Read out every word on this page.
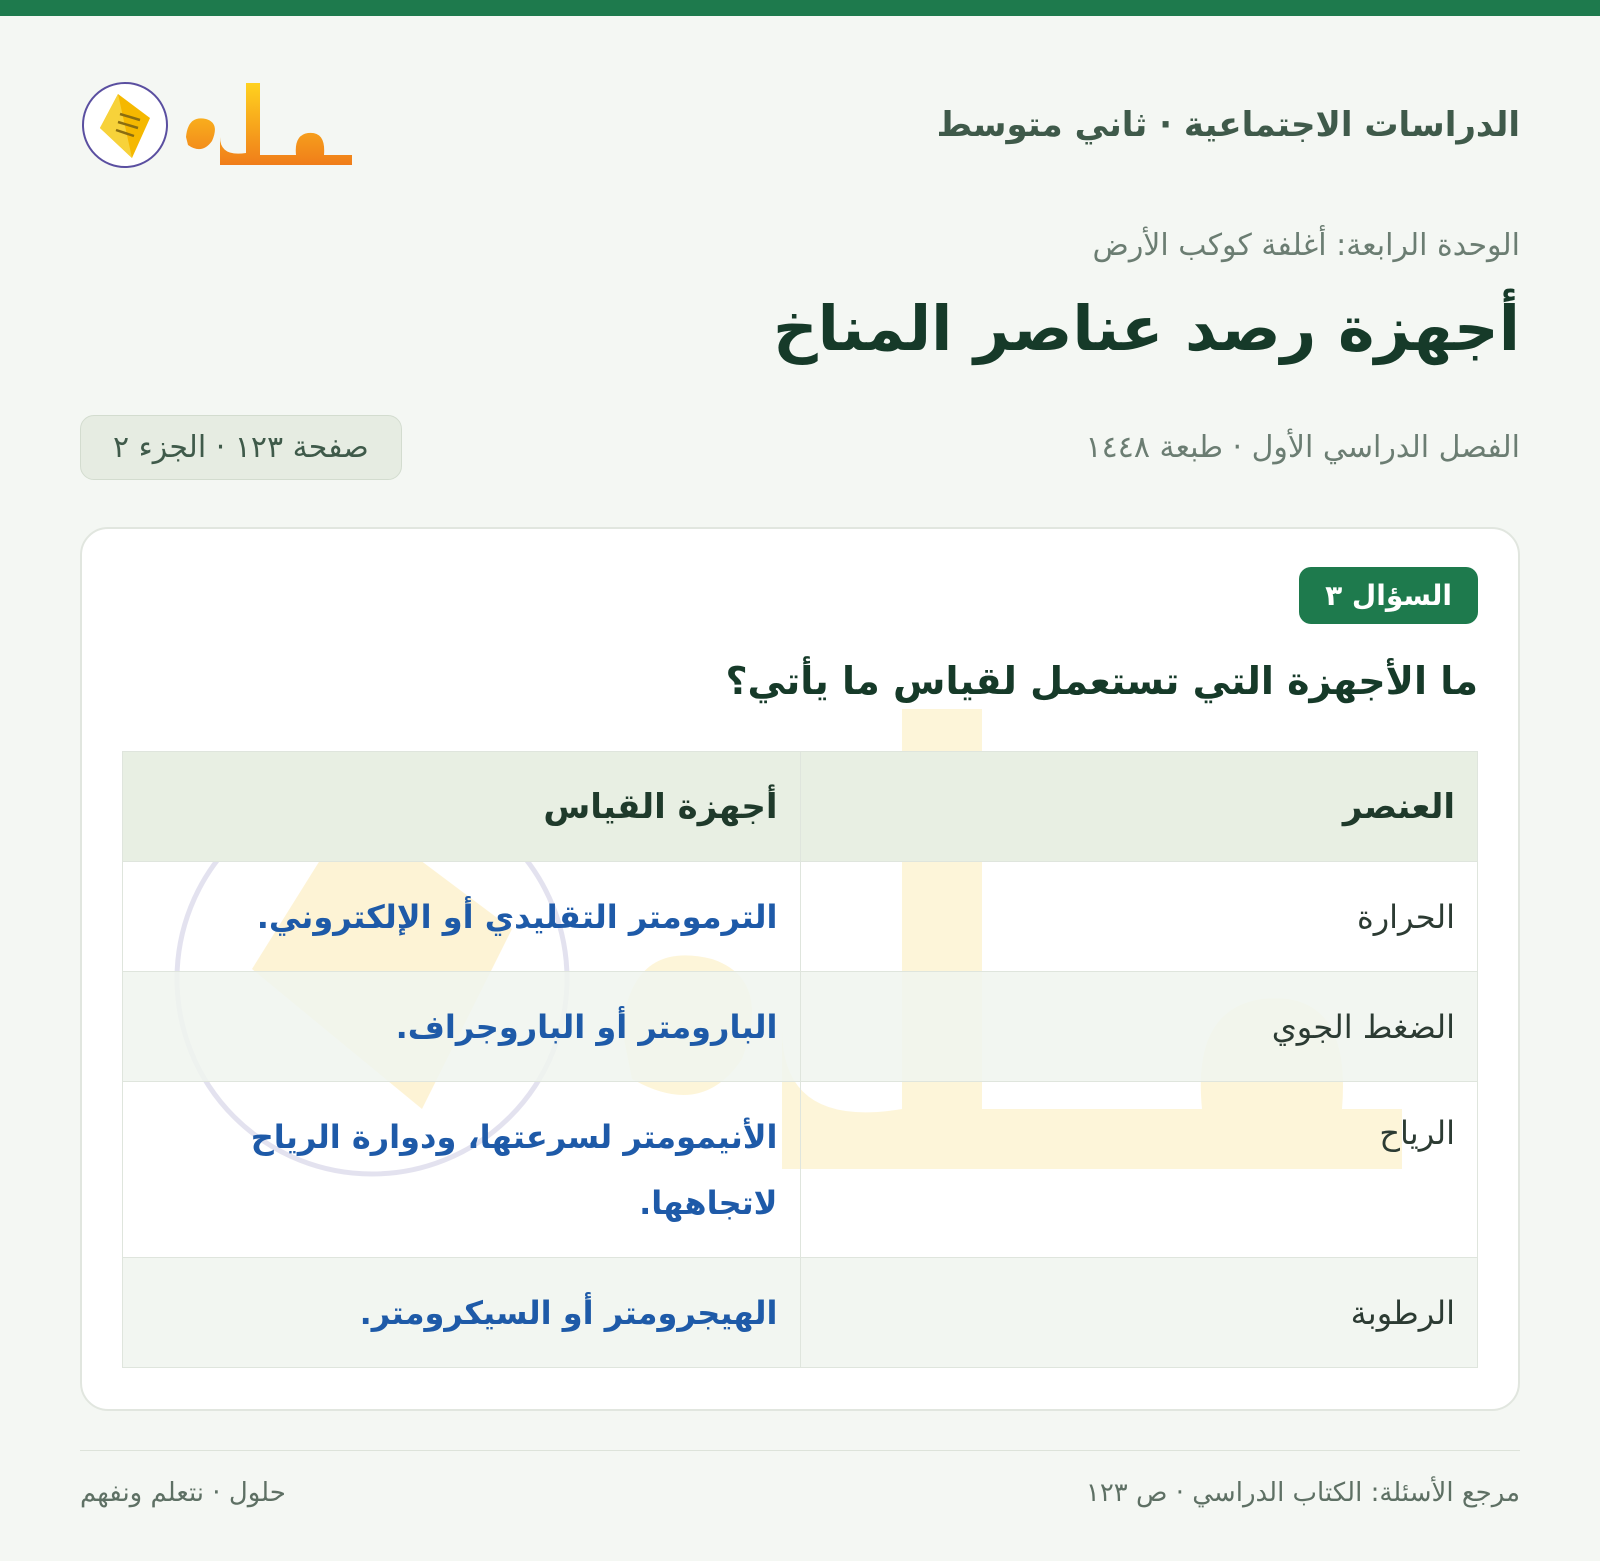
الدراسات الاجتماعية · ثاني متوسط
الوحدة الرابعة: أغلفة كوكب الأرض
أجهزة رصد عناصر المناخ
الفصل الدراسي الأول · طبعة ١٤٤٨
صفحة ١٢٣ · الجزء ٢
السؤال ٣
ما الأجهزة التي تستعمل لقياس ما يأتي؟
العنصر	أجهزة القياس
الحرارة	الترمومتر التقليدي أو الإلكتروني.
الضغط الجوي	البارومتر أو الباروجراف.
الرياح	الأنيمومتر لسرعتها، ودوارة الرياح لاتجاهها.
الرطوبة	الهيجرومتر أو السيكرومتر.
مرجع الأسئلة: الكتاب الدراسي · ص ١٢٣
حلول · نتعلم ونفهم
